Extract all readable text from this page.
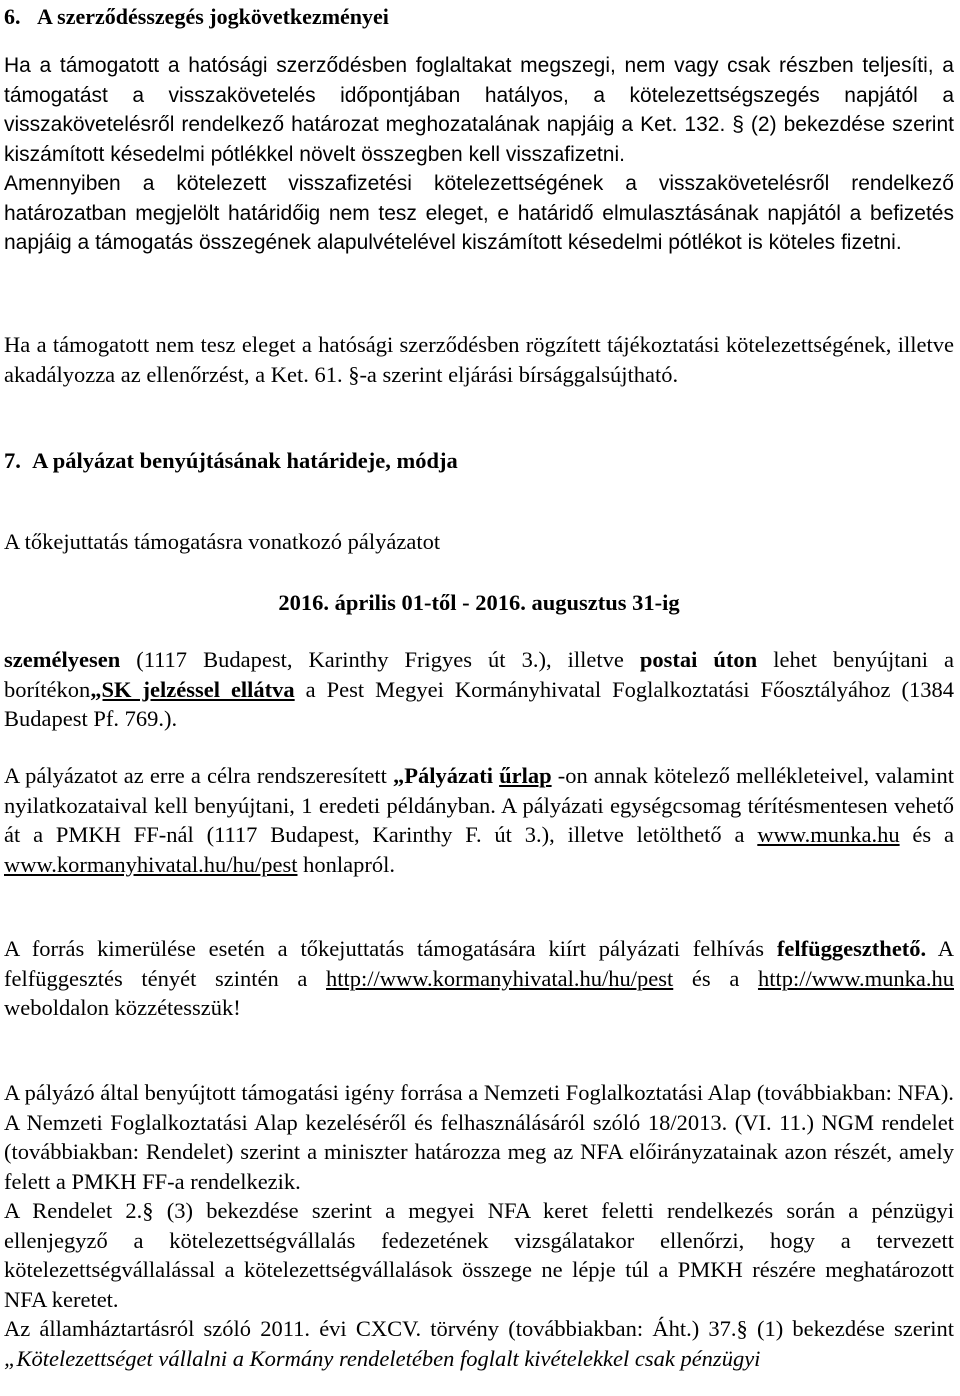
6.   A szerződésszegés jogkövetkezményei

Ha a támogatott a hatósági szerződésben foglaltakat megszegi, nem vagy csak részben teljesíti, a támogatást a visszakövetelés időpontjában hatályos, a kötelezettségszegés napjától a visszakövetelésről rendelkező határozat meghozatalának napjáig a Ket. 132. § (2) bekezdése szerint kiszámított késedelmi pótlékkel növelt összegben kell visszafizetni.

Amennyiben a kötelezett visszafizetési kötelezettségének a visszakövetelésről rendelkező határozatban megjelölt határidőig nem tesz eleget, e határidő elmulasztásának napjától a befizetés napjáig a támogatás összegének alapulvételével kiszámított késedelmi pótlékot is köteles fizetni.

Ha a támogatott nem tesz eleget a hatósági szerződésben rögzített tájékoztatási kötelezettségének, illetve akadályozza az ellenőrzést, a Ket. 61. §-a szerint eljárási bírsággalsújtható.

7.  A pályázat benyújtásának határideje, módja

A tőkejuttatás támogatásra vonatkozó pályázatot

2016. április 01-től - 2016. augusztus 31-ig

személyesen (1117 Budapest, Karinthy Frigyes út 3.), illetve postai úton lehet benyújtani a borítékon„SK jelzéssel ellátva a Pest Megyei Kormányhivatal Foglalkoztatási Főosztályához (1384 Budapest Pf. 769.).

A pályázatot az erre a célra rendszeresített „Pályázati űrlap -on annak kötelező mellékleteivel, valamint nyilatkozataival kell benyújtani, 1 eredeti példányban. A pályázati egységcsomag térítésmentesen vehető át a PMKH FF-nál (1117 Budapest, Karinthy F. út 3.), illetve letölthető a www.munka.hu és a www.kormanyhivatal.hu/hu/pest honlapról.

A forrás kimerülése esetén a tőkejuttatás támogatására kiírt pályázati felhívás felfüggeszthető. A felfüggesztés tényét szintén a http://www.kormanyhivatal.hu/hu/pest és a http://www.munka.hu weboldalon közzétesszük!

A pályázó által benyújtott támogatási igény forrása a Nemzeti Foglalkoztatási Alap (továbbiakban: NFA).

A Nemzeti Foglalkoztatási Alap kezeléséről és felhasználásáról szóló 18/2013. (VI. 11.) NGM rendelet (továbbiakban: Rendelet) szerint a miniszter határozza meg az NFA előirányzatainak azon részét, amely felett a PMKH FF-a rendelkezik.

A Rendelet 2.§ (3) bekezdése szerint a megyei NFA keret feletti rendelkezés során a pénzügyi ellenjegyző a kötelezettségvállalás fedezetének vizsgálatakor ellenőrzi, hogy a tervezett kötelezettségvállalással a kötelezettségvállalások összege ne lépje túl a PMKH részére meghatározott NFA keretet.

Az államháztartásról szóló 2011. évi CXCV. törvény (továbbiakban: Áht.) 37.§ (1) bekezdése szerint „Kötelezettséget vállalni a Kormány rendeletében foglalt kivételekkel csak pénzügyi
